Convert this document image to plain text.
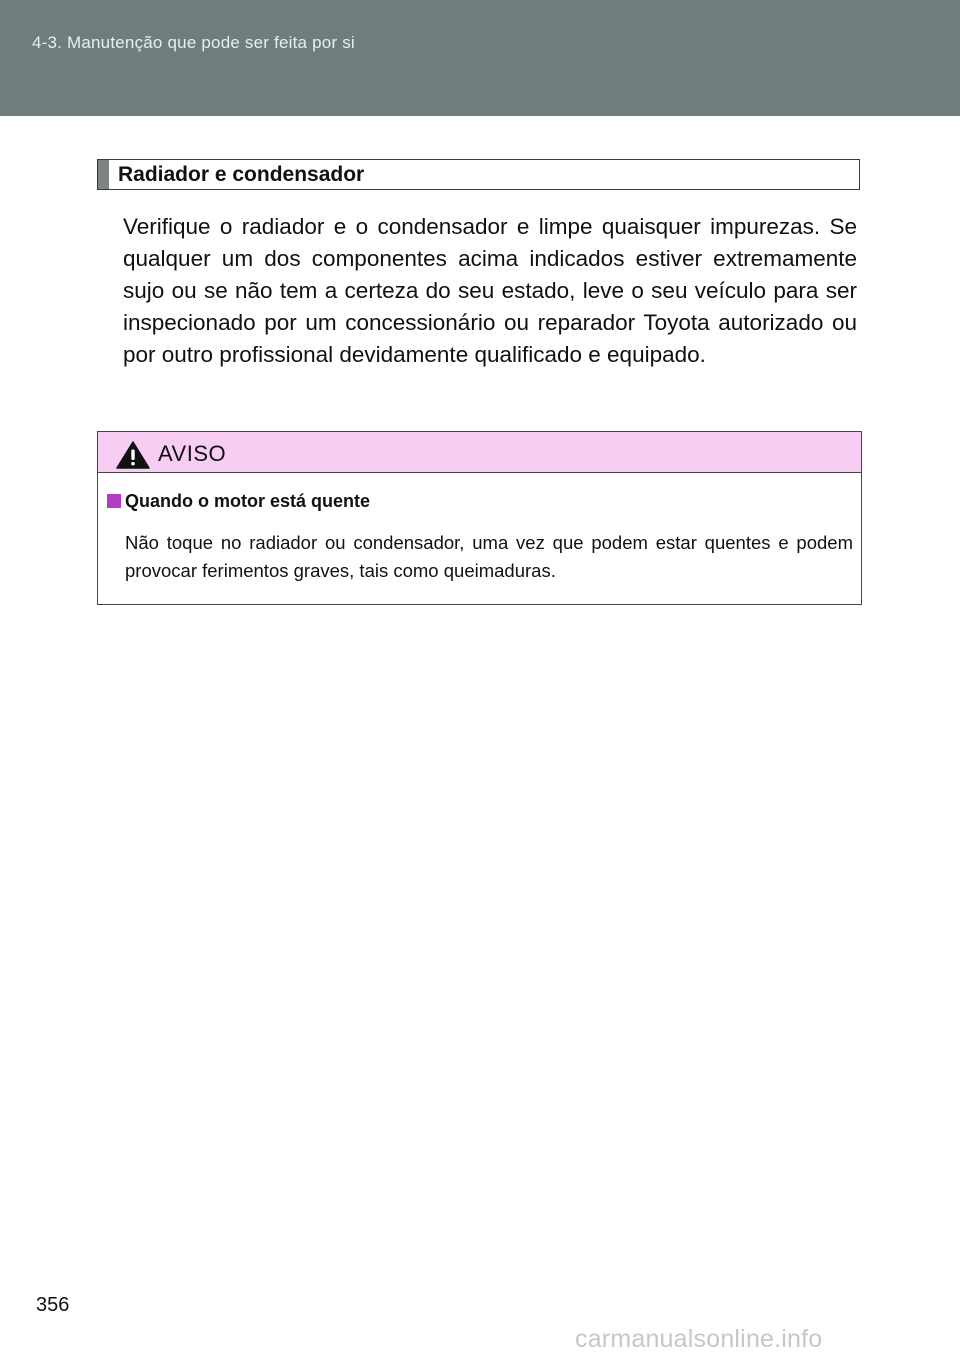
4-3. Manutenção que pode ser feita por si
Radiador e condensador

Verifique o radiador e o condensador e limpe quaisquer impurezas. Se qualquer um dos componentes acima indicados estiver extremamente sujo ou se não tem a certeza do seu estado, leve o seu veículo para ser inspecionado por um concessionário ou reparador Toyota autorizado ou por outro profissional devidamente qualificado e equipado.

AVISO
Quando o motor está quente

Não toque no radiador ou condensador, uma vez que podem estar quentes e podem provocar ferimentos graves, tais como queimaduras.

356
carmanualsonline.info
